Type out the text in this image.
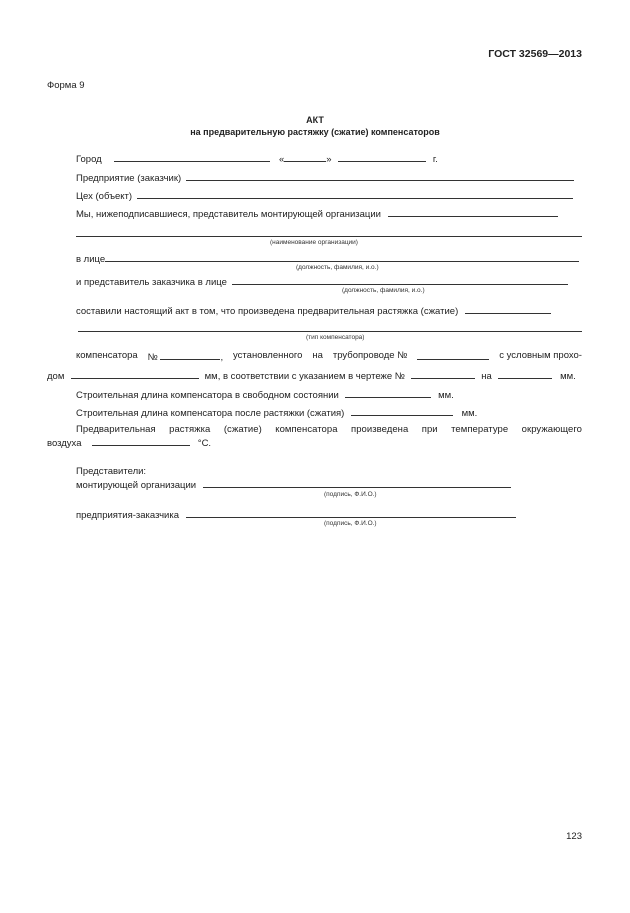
ГОСТ 32569—2013
Форма 9
АКТ
на предварительную растяжку (сжатие) компенсаторов
Город	«	»	г.
Предприятие (заказчик)
Цех (объект)
Мы, нижеподписавшиеся, представитель монтирующей организации
(наименование организации)
в лице
(должность, фамилия, и.о.)
и представитель заказчика в лице
(должность, фамилия, и.о.)
составили настоящий акт в том, что произведена предварительная растяжка (сжатие)
(тип компенсатора)
компенсатора №	, установленного на трубопроводе №	с условным прохо-
дом	мм, в соответствии с указанием в чертеже №	на	мм.
Строительная длина компенсатора в свободном состоянии	мм.
Строительная длина компенсатора после растяжки (сжатия)	мм.
Предварительная растяжка (сжатие) компенсатора произведена при температуре окружающего
воздуха	°C.
Представители:
монтирующей организации
(подпись, Ф.И.О.)
предприятия-заказчика
(подпись, Ф.И.О.)
123
